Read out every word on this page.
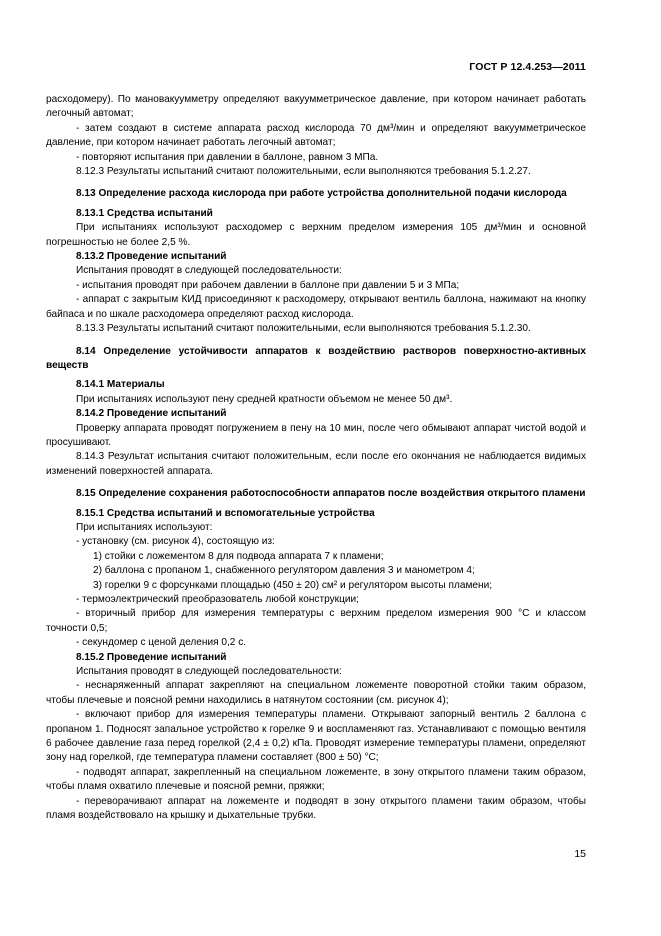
ГОСТ Р 12.4.253—2011

расходомеру). По мановакуумметру определяют вакуумметрическое давление, при котором начинает работать легочный автомат;

- затем создают в системе аппарата расход кислорода 70 дм³/мин и определяют вакуумметрическое давление, при котором начинает работать легочный автомат;

- повторяют испытания при давлении в баллоне, равном 3 МПа.

8.12.3 Результаты испытаний считают положительными, если выполняются требования 5.1.2.27.

8.13 Определение расхода кислорода при работе устройства дополнительной подачи кислорода

8.13.1 Средства испытаний

При испытаниях используют расходомер с верхним пределом измерения 105 дм³/мин и основной погрешностью не более 2,5 %.

8.13.2 Проведение испытаний

Испытания проводят в следующей последовательности:

- испытания проводят при рабочем давлении в баллоне при давлении 5 и 3 МПа;

- аппарат с закрытым КИД присоединяют к расходомеру, открывают вентиль баллона, нажимают на кнопку байпаса и по шкале расходомера определяют расход кислорода.

8.13.3 Результаты испытаний считают положительными, если выполняются требования 5.1.2.30.

8.14 Определение устойчивости аппаратов к воздействию растворов поверхностно-активных веществ

8.14.1 Материалы

При испытаниях используют пену средней кратности объемом не менее 50 дм³.

8.14.2 Проведение испытаний

Проверку аппарата проводят погружением в пену на 10 мин, после чего обмывают аппарат чистой водой и просушивают.

8.14.3 Результат испытания считают положительным, если после его окончания не наблюдается видимых изменений поверхностей аппарата.

8.15 Определение сохранения работоспособности аппаратов после воздействия открытого пламени

8.15.1 Средства испытаний и вспомогательные устройства

При испытаниях используют:

- установку (см. рисунок 4), состоящую из:

1) стойки с ложементом 8 для подвода аппарата 7 к пламени;

2) баллона с пропаном 1, снабженного регулятором давления 3 и манометром 4;

3) горелки 9 с форсунками площадью (450 ± 20) см² и регулятором высоты пламени;

- термоэлектрический преобразователь любой конструкции;

- вторичный прибор для измерения температуры с верхним пределом измерения 900 °С и классом точности 0,5;

- секундомер с ценой деления 0,2 с.

8.15.2 Проведение испытаний

Испытания проводят в следующей последовательности:

- неснаряженный аппарат закрепляют на специальном ложементе поворотной стойки таким образом, чтобы плечевые и поясной ремни находились в натянутом состоянии (см. рисунок 4);

- включают прибор для измерения температуры пламени. Открывают запорный вентиль 2 баллона с пропаном 1. Подносят запальное устройство к горелке 9 и воспламеняют газ. Устанавливают с помощью вентиля 6 рабочее давление газа перед горелкой (2,4 ± 0,2) кПа. Проводят измерение температуры пламени, определяют зону над горелкой, где температура пламени составляет (800 ± 50) °С;

- подводят аппарат, закрепленный на специальном ложементе, в зону открытого пламени таким образом, чтобы пламя охватило плечевые и поясной ремни, пряжки;

- переворачивают аппарат на ложементе и подводят в зону открытого пламени таким образом, чтобы пламя воздействовало на крышку и дыхательные трубки.

15
